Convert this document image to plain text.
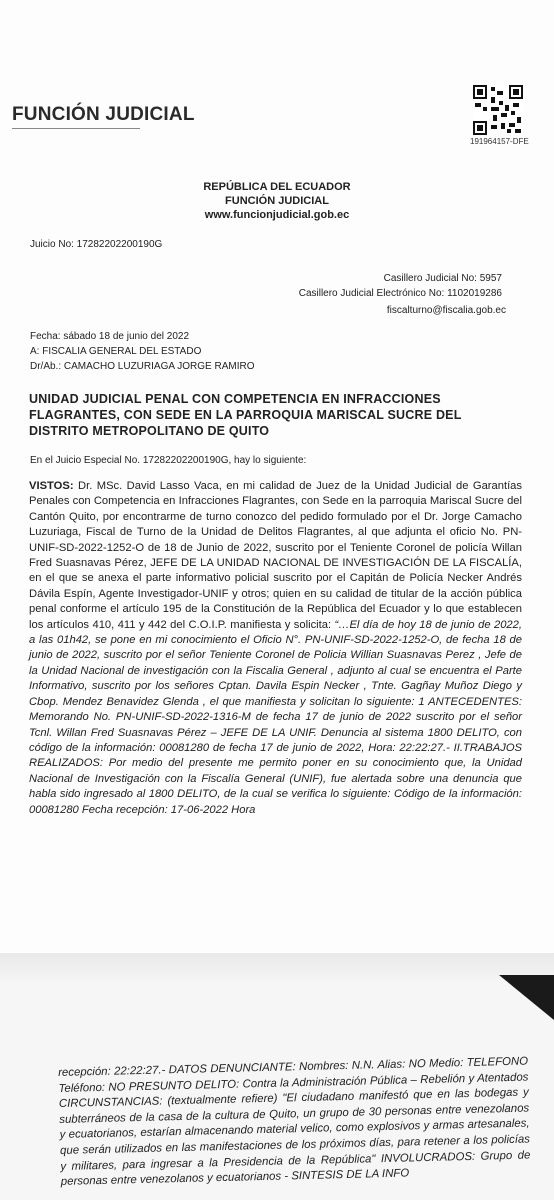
FUNCIÓN JUDICIAL
191964157-DFE
REPÚBLICA DEL ECUADOR
FUNCIÓN JUDICIAL
www.funcionjudicial.gob.ec
Juicio No: 17282202200190G
Casillero Judicial No: 5957
Casillero Judicial Electrónico No: 1102019286
fiscalturno@fiscalia.gob.ec
Fecha: sábado 18 de junio del 2022
A: FISCALIA GENERAL DEL ESTADO
Dr/Ab.: CAMACHO LUZURIAGA JORGE RAMIRO
UNIDAD JUDICIAL PENAL CON COMPETENCIA EN INFRACCIONES
FLAGRANTES, CON SEDE EN LA PARROQUIA MARISCAL SUCRE DEL
DISTRITO METROPOLITANO DE QUITO
En el Juicio Especial No. 17282202200190G, hay lo siguiente:
VISTOS: Dr. MSc. David Lasso Vaca, en mi calidad de Juez de la Unidad Judicial de Garantías Penales con Competencia en Infracciones Flagrantes, con Sede en la parroquia Mariscal Sucre del Cantón Quito, por encontrarme de turno conozco del pedido formulado por el Dr. Jorge Camacho Luzuriaga, Fiscal de Turno de la Unidad de Delitos Flagrantes, al que adjunta el oficio No. PN-UNIF-SD-2022-1252-O de 18 de Junio de 2022, suscrito por el Teniente Coronel de policía Willan Fred Suasnavas Pérez, JEFE DE LA UNIDAD NACIONAL DE INVESTIGACIÓN DE LA FISCALÍA, en el que se anexa el parte informativo policial suscrito por el Capitán de Policía Necker Andrés Dávila Espín, Agente Investigador-UNIF y otros; quien en su calidad de titular de la acción pública penal conforme el artículo 195 de la Constitución de la República del Ecuador y lo que establecen los artículos 410, 411 y 442 del C.O.I.P. manifiesta y solicita: “…El día de hoy 18 de junio de 2022, a las 01h42, se pone en mi conocimiento el Oficio N°. PN-UNIF-SD-2022-1252-O, de fecha 18 de junio de 2022, suscrito por el señor Teniente Coronel de Policia Willian Suasnavas Perez , Jefe de la Unidad Nacional de investigación con la Fiscalia General , adjunto al cual se encuentra el Parte Informativo, suscrito por los señores Cptan. Davila Espin Necker , Tnte. Gagñay Muñoz Diego y Cbop. Mendez Benavidez Glenda , el que manifiesta y solicitan lo siguiente: 1 ANTECEDENTES: Memorando No. PN-UNIF-SD-2022-1316-M de fecha 17 de junio de 2022 suscrito por el señor Tcnl. Willan Fred Suasnavas Pérez – JEFE DE LA UNIF. Denuncia al sistema 1800 DELITO, con código de la información: 00081280 de fecha 17 de junio de 2022, Hora: 22:22:27.- II.TRABAJOS REALIZADOS: Por medio del presente me permito poner en su conocimiento que, la Unidad Nacional de Investigación con la Fiscalía General (UNIF), fue alertada sobre una denuncia que habla sido ingresado al 1800 DELITO, de la cual se verifica lo siguiente: Código de la información: 00081280 Fecha recepción: 17-06-2022 Hora
recepción: 22:22:27.- DATOS DENUNCIANTE: Nombres: N.N. Alias: NO Medio: TELEFONO Teléfono: NO PRESUNTO DELITO: Contra la Administración Pública – Rebelión y Atentados CIRCUNSTANCIAS: (textualmente refiere) "El ciudadano manifestó que en las bodegas y subterráneos de la casa de la cultura de Quito, un grupo de 30 personas entre venezolanos y ecuatorianos, estarían almacenando material velico, como explosivos y armas artesanales, que serán utilizados en las manifestaciones de los próximos días, para retener a los policías y militares, para ingresar a la Presidencia de la República" INVOLUCRADOS: Grupo de personas entre venezolanos y ecuatorianos - SINTESIS DE LA INFO
